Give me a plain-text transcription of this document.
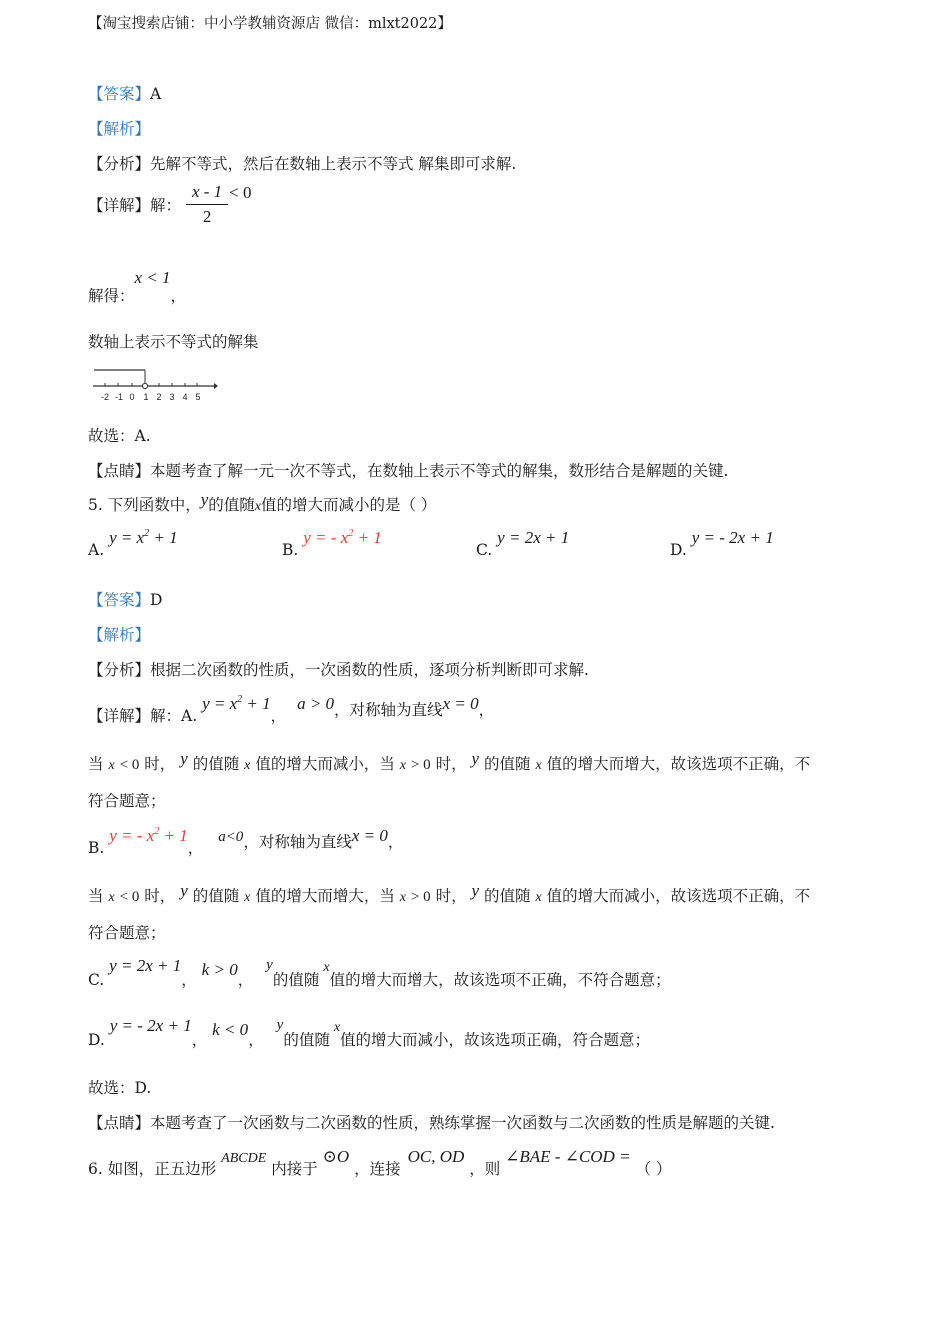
【淘宝搜索店铺：中小学教辅资源店 微信：mlxt2022】
【答案】A
【解析】
【分析】先解不等式，然后在数轴上表示不等式 解集即可求解.
【详解】解： $\frac{x - 1}{2} < 0$
解得：x < 1，
数轴上表示不等式的解集
-2 -1 0 1 2 3 4 5
故选：A.
【点睛】本题考查了解一元一次不等式，在数轴上表示不等式的解集，数形结合是解题的关键.
5. 下列函数中，y的值随x值的增大而减小的是（ ）
A. $y = x^2 + 1$
B. y = - $x^2 + 1$
C. y = 2x + 1
D. y = - 2x + 1
【答案】D
【解析】
【分析】根据二次函数的性质，一次函数的性质，逐项分析判断即可求解.
【详解】解：A. $y = x^2 + 1$， a > 0，对称轴为直线x = 0，
当 x < 0 时， y 的值随 x 值的增大而减小，当 x > 0 时， y 的值随 x 值的增大而增大，故该选项不正确，不
符合题意；
B. y = - $x^2 + 1$， a<0，对称轴为直线x = 0，
当 x < 0 时， y 的值随 x 值的增大而增大，当 x > 0 时， y 的值随 x 值的增大而减小，故该选项不正确，不
符合题意；
C. y = 2x + 1， k > 0， y的值随x值的增大而增大，故该选项不正确，不符合题意；
D. y = - 2x + 1， k < 0， y的值随x值的增大而减小，故该选项正确，符合题意；
故选：D.
【点睛】本题考查了一次函数与二次函数的性质，熟练掌握一次函数与二次函数的性质是解题的关键.
6. 如图，正五边形 ABCDE 内接于 ⊙O ，连接 OC, OD ，则 ∠BAE - ∠COD = （ ）
